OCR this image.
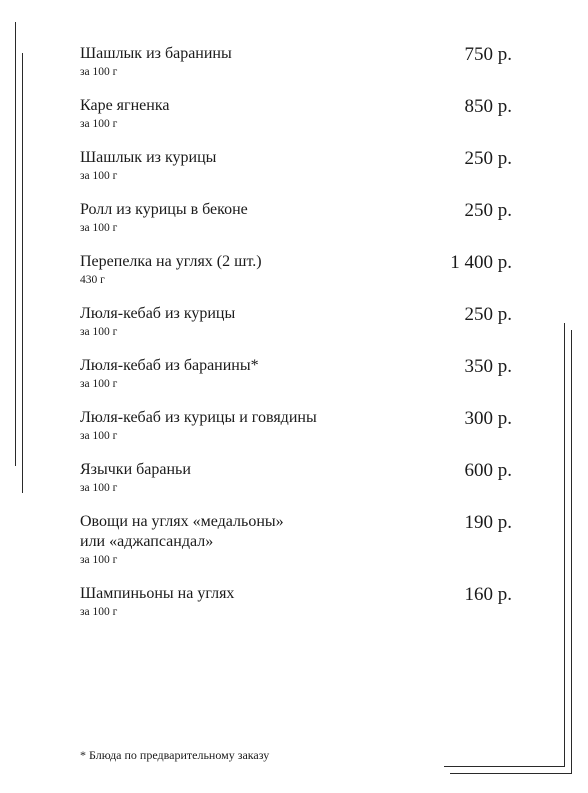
Шашлык из баранины
за 100 г
750 р.
Каре ягненка
за 100 г
850 р.
Шашлык из курицы
за 100 г
250 р.
Ролл из курицы в беконе
за 100 г
250 р.
Перепелка на углях (2 шт.)
430 г
1 400 р.
Люля-кебаб из курицы
за 100 г
250 р.
Люля-кебаб из баранины*
за 100 г
350 р.
Люля-кебаб из курицы и говядины
за 100 г
300 р.
Язычки бараньи
за 100 г
600 р.
Овощи на углях «медальоны»
или «аджапсандал»
за 100 г
190 р.
Шампиньоны на углях
за 100 г
160 р.
* Блюда по предварительному заказу
